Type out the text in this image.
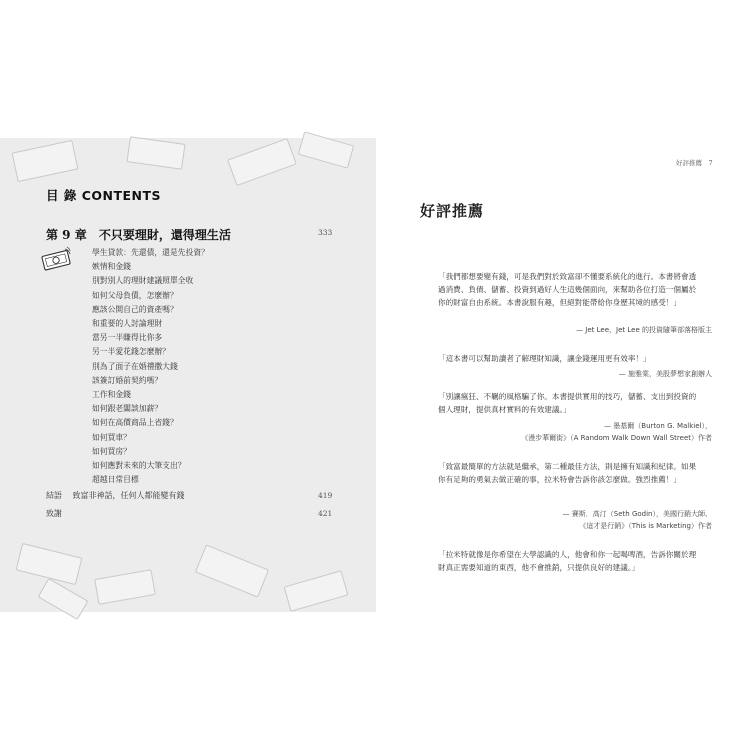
目 錄 CONTENTS
第 9 章 不只要理財，還得理生活	333
學生貸款：先還債，還是先投資？
嫉情和金錢
別對別人的理財建議照單全收
如何父母負債，怎麼辦？
應該公開自己的資產嗎？
和重要的人討論理財
當另一半賺得比你多
另一半愛花錢怎麼辦？
別為了面子在婚禮撒大錢
該簽訂婚前契約嗎？
工作和金錢
如何跟老闆談加薪？
如何在高價商品上省錢？
如何買車？
如何買房？
如何應對未來的大筆支出？
超越日常目標
結語 致富非神話，任何人都能變有錢	419
致謝	421
好評推薦　7
好評推薦
「我們都想要變有錢，可是我們對於致富卻不懂要系統化的進行。本書將會透過消費、負債、儲蓄、投資到過好人生這幾個面向，來幫助各位打造一個屬於你的財富自由系統。本書說服有趣，但絕對能帶給你身歷其境的感受！」
— Jet Lee，Jet Lee 的投資隨筆部落格版主
「這本書可以幫助讀者了解理財知識，讓金錢運用更有效率！」
— 施雅棠，美股夢想家創辦人
「別讓瘋狂、不羈的風格騙了你。本書提供實用的技巧，儲蓄、支出到投資的個人理財，提供真材實料的有效建議。」
— 墨基爾（Burton G. Malkiel），
《漫步華爾街》（A Random Walk Down Wall Street）作者
「致富最簡單的方法就是繼承，第二種最佳方法，則是擁有知識和紀律。如果你有足夠的勇氣去做正確的事，拉米特會告訴你該怎麼做。強烈推薦！」
— 賽斯．高汀（Seth Godin），美國行銷大師、
《這才是行銷》（This is Marketing）作者
「拉米特就像是你希望在大學認識的人，他會和你一起喝啤酒，告訴你關於理財真正需要知道的東西，他不會推銷，只提供良好的建議。」
